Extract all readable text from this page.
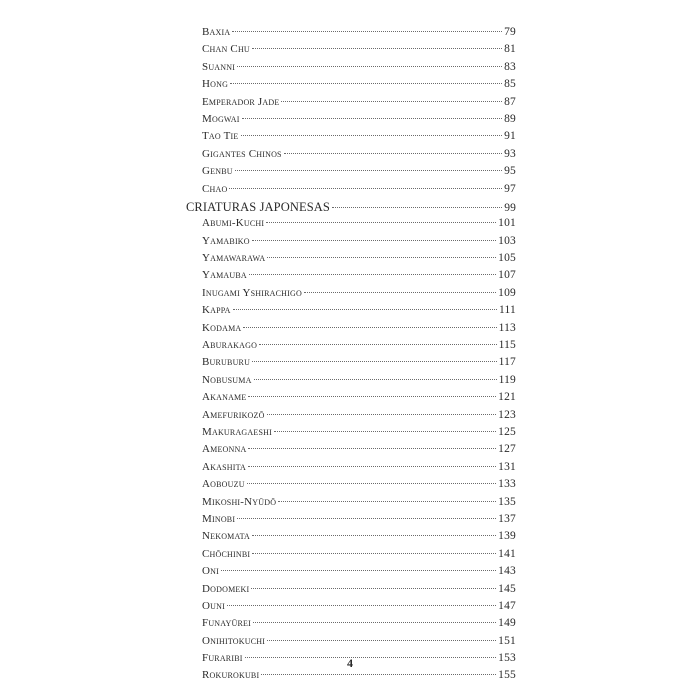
Baxia	79
Chan Chu	81
Suanni	83
Hong	85
Emperador Jade	87
Mogwai	89
Tao Tie	91
Gigantes Chinos	93
Genbu	95
Chao	97
CRIATURAS JAPONESAS	99
Abumi-Kuchi	101
Yamabiko	103
Yamawarawa	105
Yamauba	107
Inugami Yshirachigo	109
Kappa	111
Kodama	113
Aburakago	115
Buruburu	117
Nobusuma	119
Akaname	121
Amefurikozō	123
Makuragaeshi	125
Ameonna	127
Akashita	131
Aobouzu	133
Mikoshi-Nyūdō	135
Minobi	137
Nekomata	139
Chōchinbi	141
Oni	143
Dodomeki	145
Ouni	147
Funayūrei	149
Onihitokuchi	151
Furaribi	153
Rokurokubi	155
4
